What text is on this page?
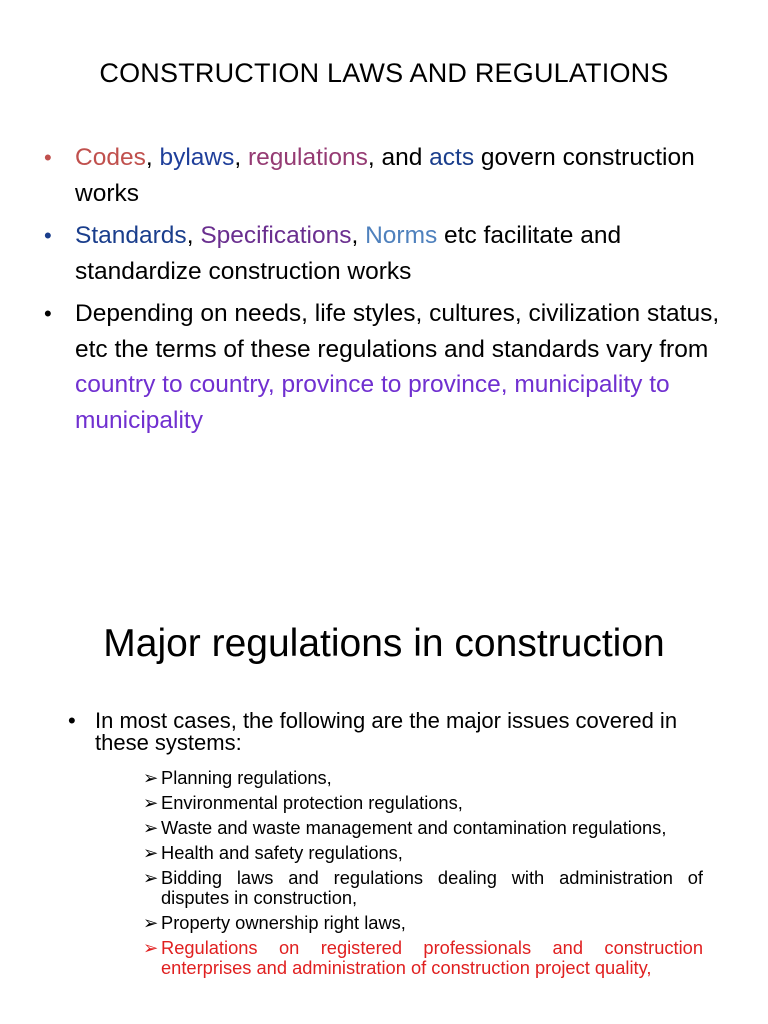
CONSTRUCTION LAWS AND REGULATIONS
• Codes, bylaws, regulations, and acts govern construction works
• Standards, Specifications, Norms etc facilitate and standardize construction works
• Depending on needs, life styles, cultures, civilization status, etc the terms of these regulations and standards vary from country to country, province to province, municipality to municipality
Major regulations in construction
• In most cases, the following are the major issues covered in these systems:
➢ Planning regulations,
➢ Environmental protection regulations,
➢ Waste and waste management and contamination regulations,
➢ Health and safety regulations,
➢ Bidding laws and regulations dealing with administration of disputes in construction,
➢ Property ownership right laws,
➢ Regulations on registered professionals and construction enterprises and administration of construction project quality,
